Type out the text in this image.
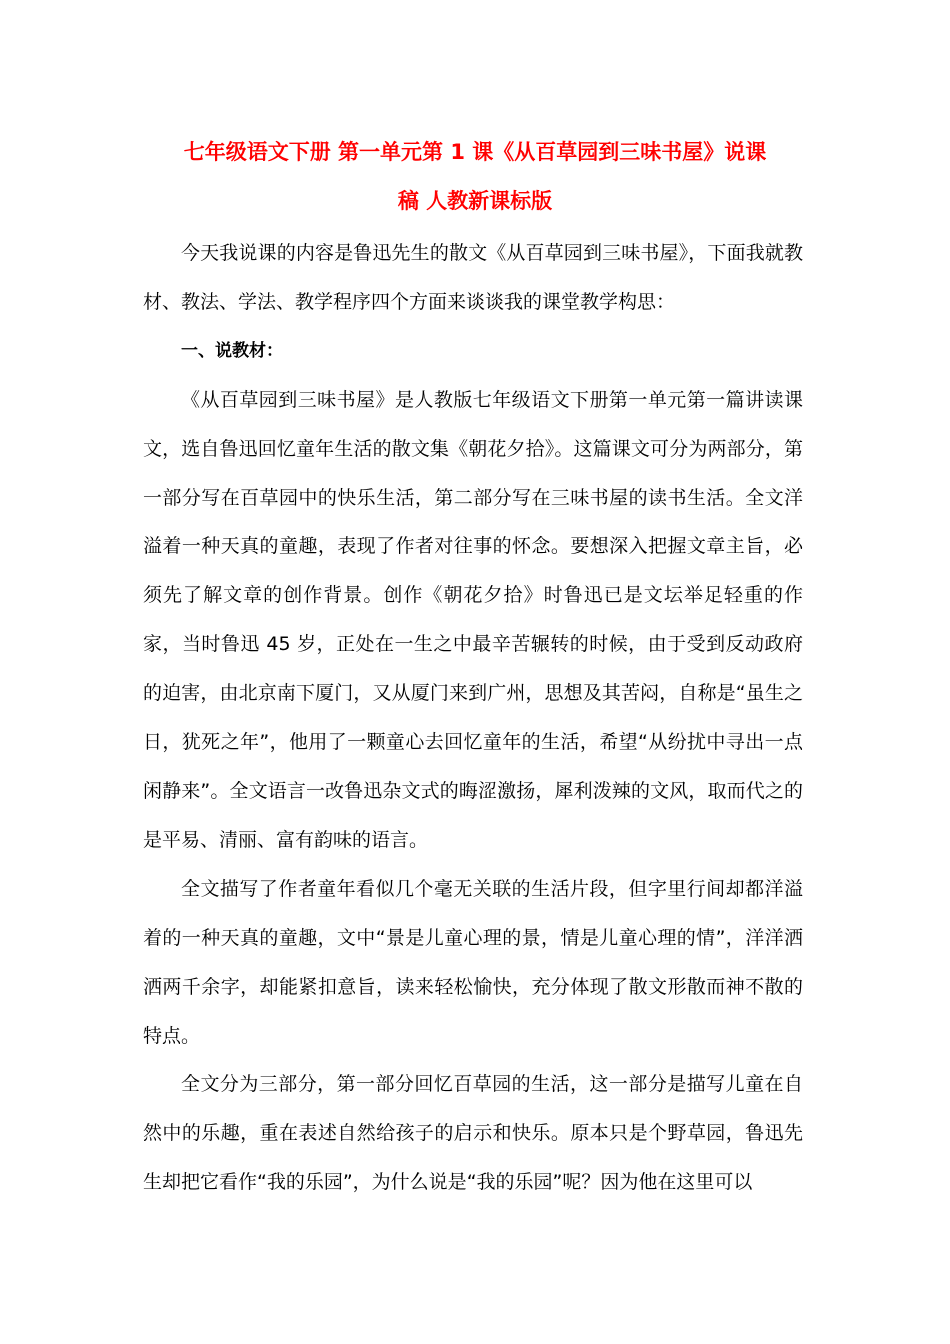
七年级语文下册 第一单元第 1 课《从百草园到三味书屋》说课
稿 人教新课标版

今天我说课的内容是鲁迅先生的散文《从百草园到三味书屋》，下面我就教材、教法、学法、教学程序四个方面来谈谈我的课堂教学构思：

一、说教材：

《从百草园到三味书屋》是人教版七年级语文下册第一单元第一篇讲读课文，选自鲁迅回忆童年生活的散文集《朝花夕拾》。这篇课文可分为两部分，第一部分写在百草园中的快乐生活，第二部分写在三味书屋的读书生活。全文洋溢着一种天真的童趣，表现了作者对往事的怀念。要想深入把握文章主旨，必须先了解文章的创作背景。创作《朝花夕拾》时鲁迅已是文坛举足轻重的作家，当时鲁迅 45 岁，正处在一生之中最辛苦辗转的时候，由于受到反动政府的迫害，由北京南下厦门，又从厦门来到广州，思想及其苦闷，自称是“虽生之日，犹死之年”，他用了一颗童心去回忆童年的生活，希望“从纷扰中寻出一点闲静来”。全文语言一改鲁迅杂文式的晦涩激扬，犀利泼辣的文风，取而代之的是平易、清丽、富有韵味的语言。

全文描写了作者童年看似几个毫无关联的生活片段，但字里行间却都洋溢着的一种天真的童趣，文中“景是儿童心理的景，情是儿童心理的情”，洋洋洒洒两千余字，却能紧扣意旨，读来轻松愉快，充分体现了散文形散而神不散的特点。

全文分为三部分，第一部分回忆百草园的生活，这一部分是描写儿童在自然中的乐趣，重在表述自然给孩子的启示和快乐。原本只是个野草园，鲁迅先生却把它看作“我的乐园”，为什么说是“我的乐园”呢？因为他在这里可以
